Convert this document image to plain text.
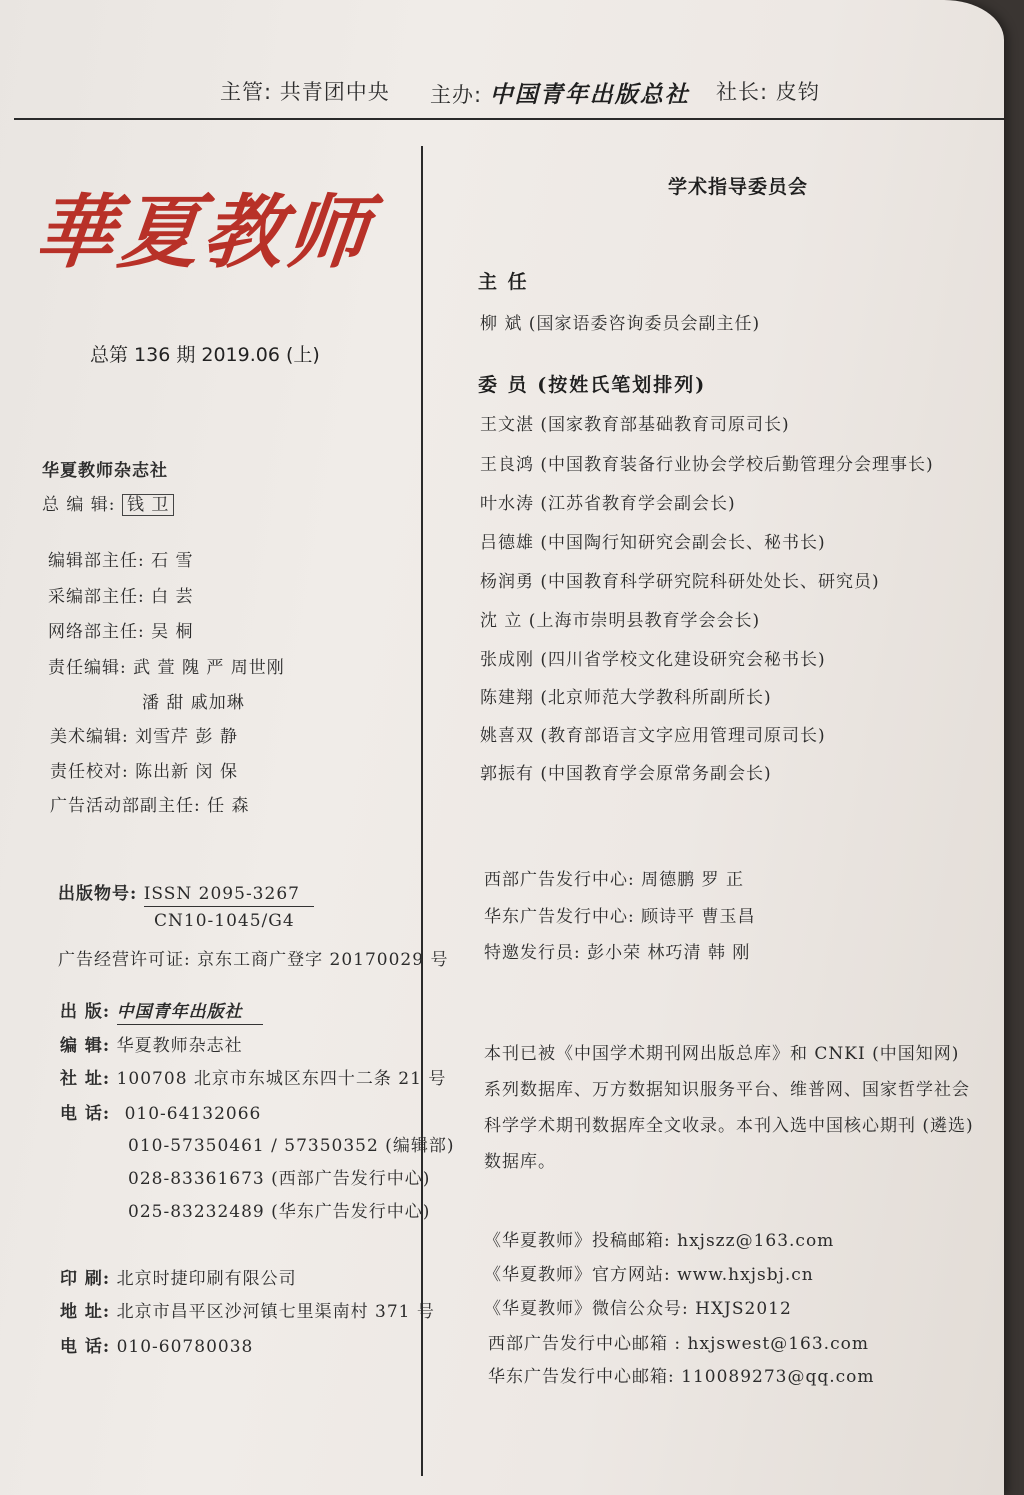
主管: 共青团中央 主办: 中国青年出版总社 社长: 皮钧
華夏教师
总第 136 期 2019.06 (上)
华夏教师杂志社
总 编 辑: 钱 卫
编辑部主任: 石 雪
采编部主任: 白 芸
网络部主任: 吴 桐
责任编辑: 武 萱 隗 严 周世刚
潘 甜 戚加琳
美术编辑: 刘雪芹 彭 静
责任校对: 陈出新 闵 保
广告活动部副主任: 任 森
出版物号: ISSN 2095-3267
CN10-1045/G4
广告经营许可证: 京东工商广登字 20170029 号
出 版: 中国青年出版社
编 辑: 华夏教师杂志社
社 址: 100708 北京市东城区东四十二条 21 号
电 话: 010-64132066
010-57350461 / 57350352 (编辑部)
028-83361673 (西部广告发行中心)
025-83232489 (华东广告发行中心)
印 刷: 北京时捷印刷有限公司
地 址: 北京市昌平区沙河镇七里渠南村 371 号
电 话: 010-60780038
学术指导委员会
主 任
柳 斌 (国家语委咨询委员会副主任)
委 员 (按姓氏笔划排列)
王文湛 (国家教育部基础教育司原司长)
王良鸿 (中国教育装备行业协会学校后勤管理分会理事长)
叶水涛 (江苏省教育学会副会长)
吕德雄 (中国陶行知研究会副会长、秘书长)
杨润勇 (中国教育科学研究院科研处处长、研究员)
沈 立 (上海市崇明县教育学会会长)
张成刚 (四川省学校文化建设研究会秘书长)
陈建翔 (北京师范大学教科所副所长)
姚喜双 (教育部语言文字应用管理司原司长)
郭振有 (中国教育学会原常务副会长)
西部广告发行中心: 周德鹏 罗 正
华东广告发行中心: 顾诗平 曹玉昌
特邀发行员: 彭小荣 林巧清 韩 刚
本刊已被《中国学术期刊网出版总库》和 CNKI (中国知网)
系列数据库、万方数据知识服务平台、维普网、国家哲学社会
科学学术期刊数据库全文收录。本刊入选中国核心期刊 (遴选)
数据库。
《华夏教师》投稿邮箱: hxjszz@163.com
《华夏教师》官方网站: www.hxjsbj.cn
《华夏教师》微信公众号: HXJS2012
西部广告发行中心邮箱 : hxjswest@163.com
华东广告发行中心邮箱: 110089273@qq.com
